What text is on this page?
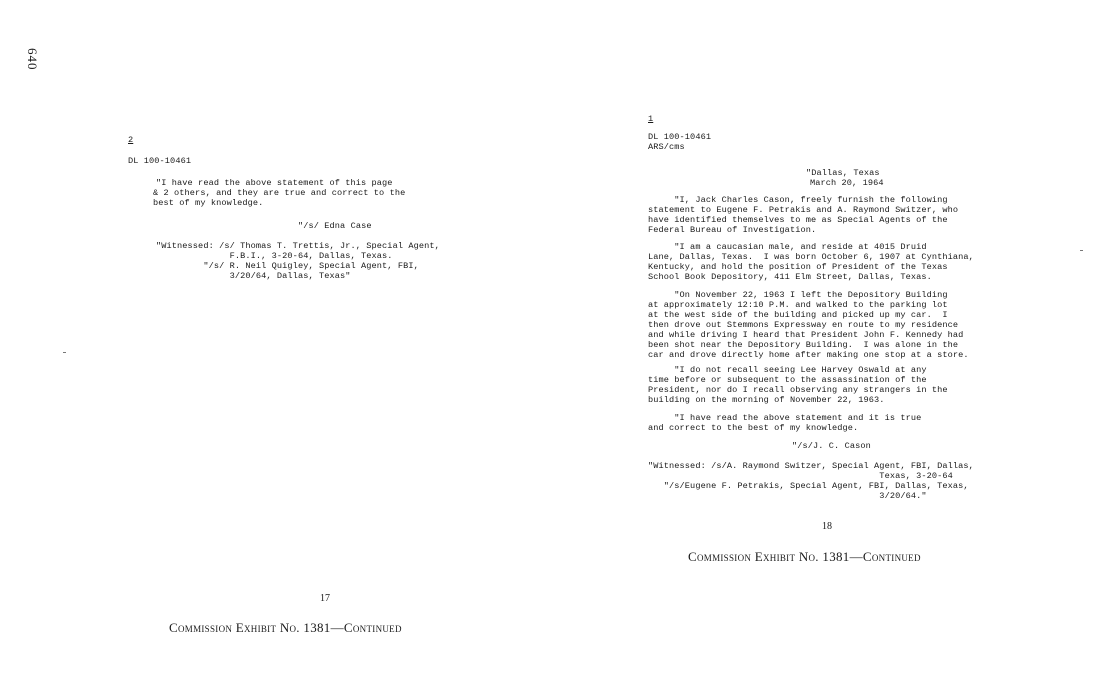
640
2
DL 100-10461
"I have read the above statement of this page
& 2 others, and they are true and correct to the
best of my knowledge.
"/s/ Edna Case
"Witnessed: /s/ Thomas T. Trettis, Jr., Special Agent,
F.B.I., 3-20-64, Dallas, Texas.
"/s/ R. Neil Quigley, Special Agent, FBI,
3/20/64, Dallas, Texas"
17
Commission Exhibit No. 1381—Continued
1
DL 100-10461
ARS/cms
"Dallas, Texas
March 20, 1964
"I, Jack Charles Cason, freely furnish the following
statement to Eugene F. Petrakis and A. Raymond Switzer, who
have identified themselves to me as Special Agents of the
Federal Bureau of Investigation.
"I am a caucasian male, and reside at 4015 Druid
Lane, Dallas, Texas.  I was born October 6, 1907 at Cynthiana,
Kentucky, and hold the position of President of the Texas
School Book Depository, 411 Elm Street, Dallas, Texas.
"On November 22, 1963 I left the Depository Building
at approximately 12:10 P.M. and walked to the parking lot
at the west side of the building and picked up my car.  I
then drove out Stemmons Expressway en route to my residence
and while driving I heard that President John F. Kennedy had
been shot near the Depository Building.  I was alone in the
car and drove directly home after making one stop at a store.
"I do not recall seeing Lee Harvey Oswald at any
time before or subsequent to the assassination of the
President, nor do I recall observing any strangers in the
building on the morning of November 22, 1963.
"I have read the above statement and it is true
and correct to the best of my knowledge.
"/s/J. C. Cason
"Witnessed: /s/A. Raymond Switzer, Special Agent, FBI, Dallas,
Texas, 3-20-64
"/s/Eugene F. Petrakis, Special Agent, FBI, Dallas, Texas,
3/20/64."
18
Commission Exhibit No. 1381—Continued
